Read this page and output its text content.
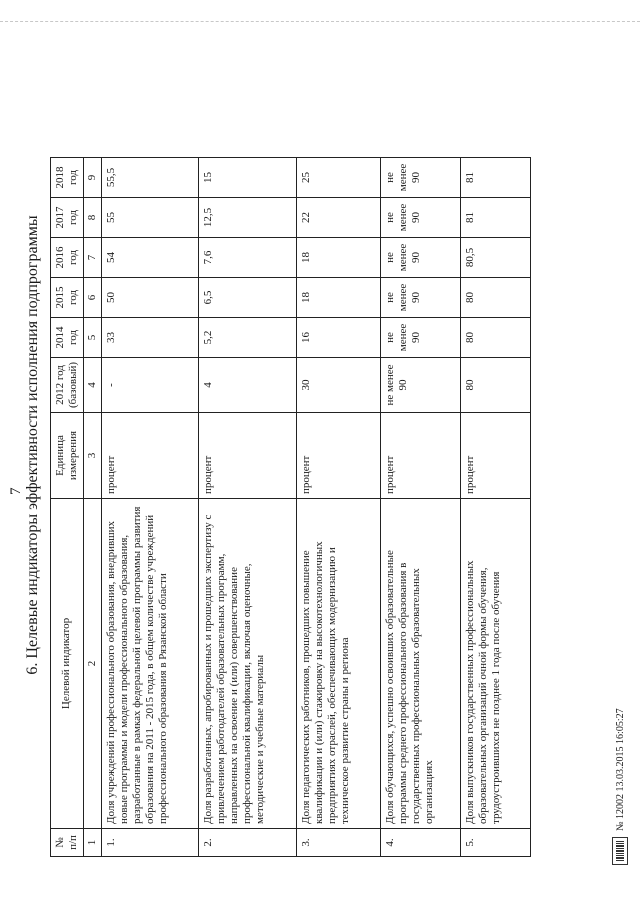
7 6. Целевые индикаторы эффективности исполнения подпрограммы
№ п/п	Целевой индикатор	Единица измерения	2012 год (базовый)	2014 год	2015 год	2016 год	2017 год	2018 год
1	2	3	4	5	6	7	8	9
1.	Доля учреждений профессионального образования, внедривших новые программы и модели профессионального образования, разработанные в рамках федеральной целевой программы развития образования на 2011 - 2015 года, в общем количестве учреждений профессионального образования в Рязанской области	процент	-	33	50	54	55	55,5
2.	Доля разработанных, апробированных и прошедших экспертизу с привлечением работодателей образовательных программ, направленных на освоение и (или) совершенствование профессиональной квалификации, включая оценочные, методические и учебные материалы	процент	4	5,2	6,5	7,6	12,5	15
3.	Доля педагогических работников, прошедших повышение квалификации и (или) стажировку на высокотехнологичных предприятиях отраслей, обеспечивающих модернизацию и техническое развитие страны и региона	процент	30	16	18	18	22	25
4.	Доля обучающихся, успешно освоивших образовательные программы среднего профессионального образования в государственных профессиональных образовательных организациях	процент	не менее 90	не менее 90	не менее 90	не менее 90	не менее 90	не менее 90
5.	Доля выпускников государственных профессиональных образовательных организаций очной формы обучения, трудоустроившихся не позднее 1 года после обучения	процент	80	80	80	80,5	81	81
№ 12002 13.03.2015 16:05:27
